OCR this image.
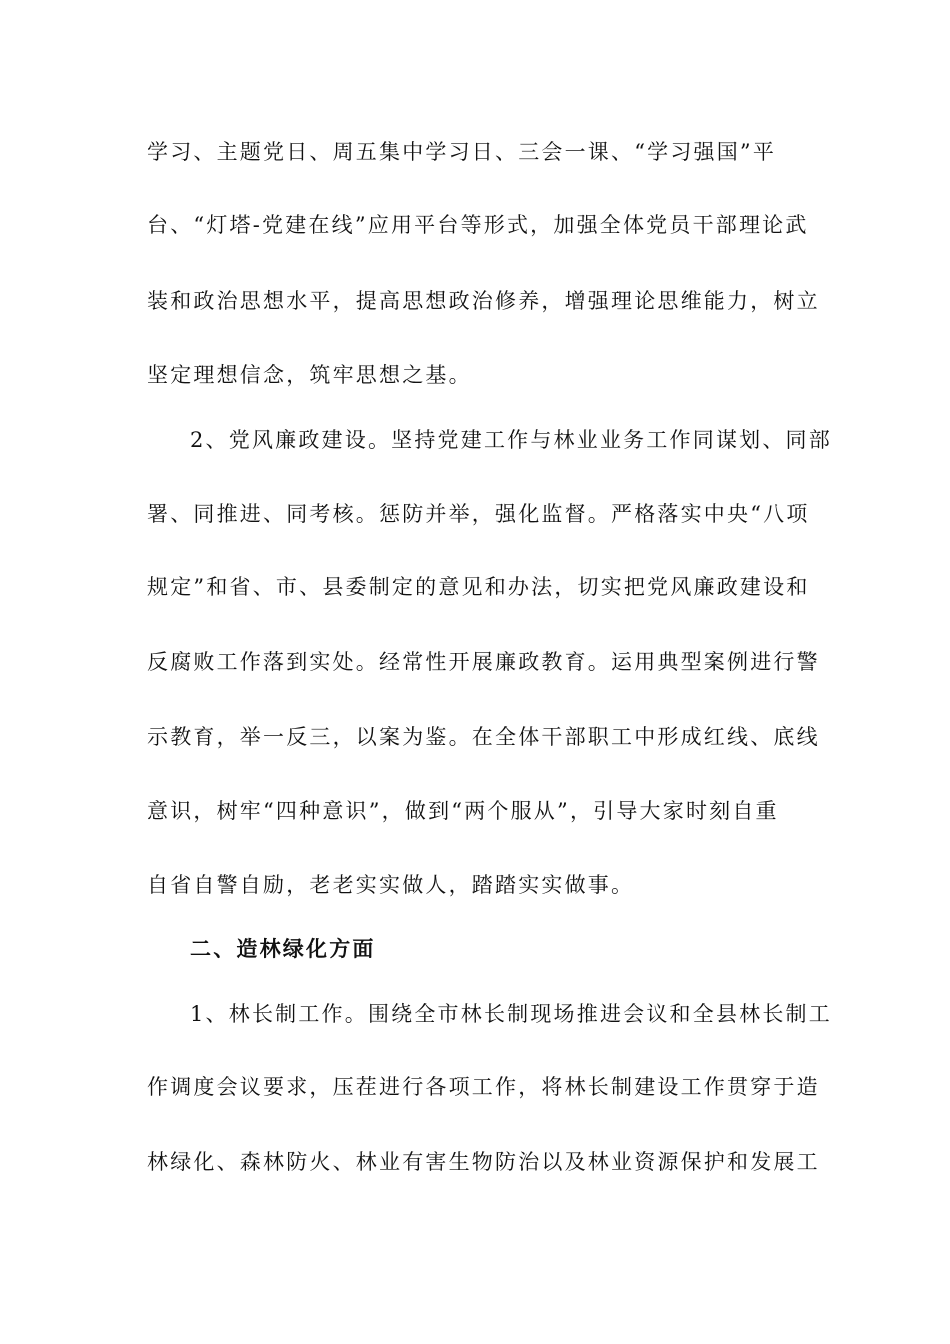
学习、主题党日、周五集中学习日、三会一课、“学习强国”平
台、“灯塔-党建在线”应用平台等形式，加强全体党员干部理论武
装和政治思想水平，提高思想政治修养，增强理论思维能力，树立
坚定理想信念，筑牢思想之基。
2、党风廉政建设。坚持党建工作与林业业务工作同谋划、同部
署、同推进、同考核。惩防并举，强化监督。严格落实中央“八项
规定”和省、市、县委制定的意见和办法，切实把党风廉政建设和
反腐败工作落到实处。经常性开展廉政教育。运用典型案例进行警
示教育，举一反三，以案为鉴。在全体干部职工中形成红线、底线
意识，树牢“四种意识”，做到“两个服从”，引导大家时刻自重
自省自警自励，老老实实做人，踏踏实实做事。
二、造林绿化方面
1、林长制工作。围绕全市林长制现场推进会议和全县林长制工
作调度会议要求，压茬进行各项工作，将林长制建设工作贯穿于造
林绿化、森林防火、林业有害生物防治以及林业资源保护和发展工
